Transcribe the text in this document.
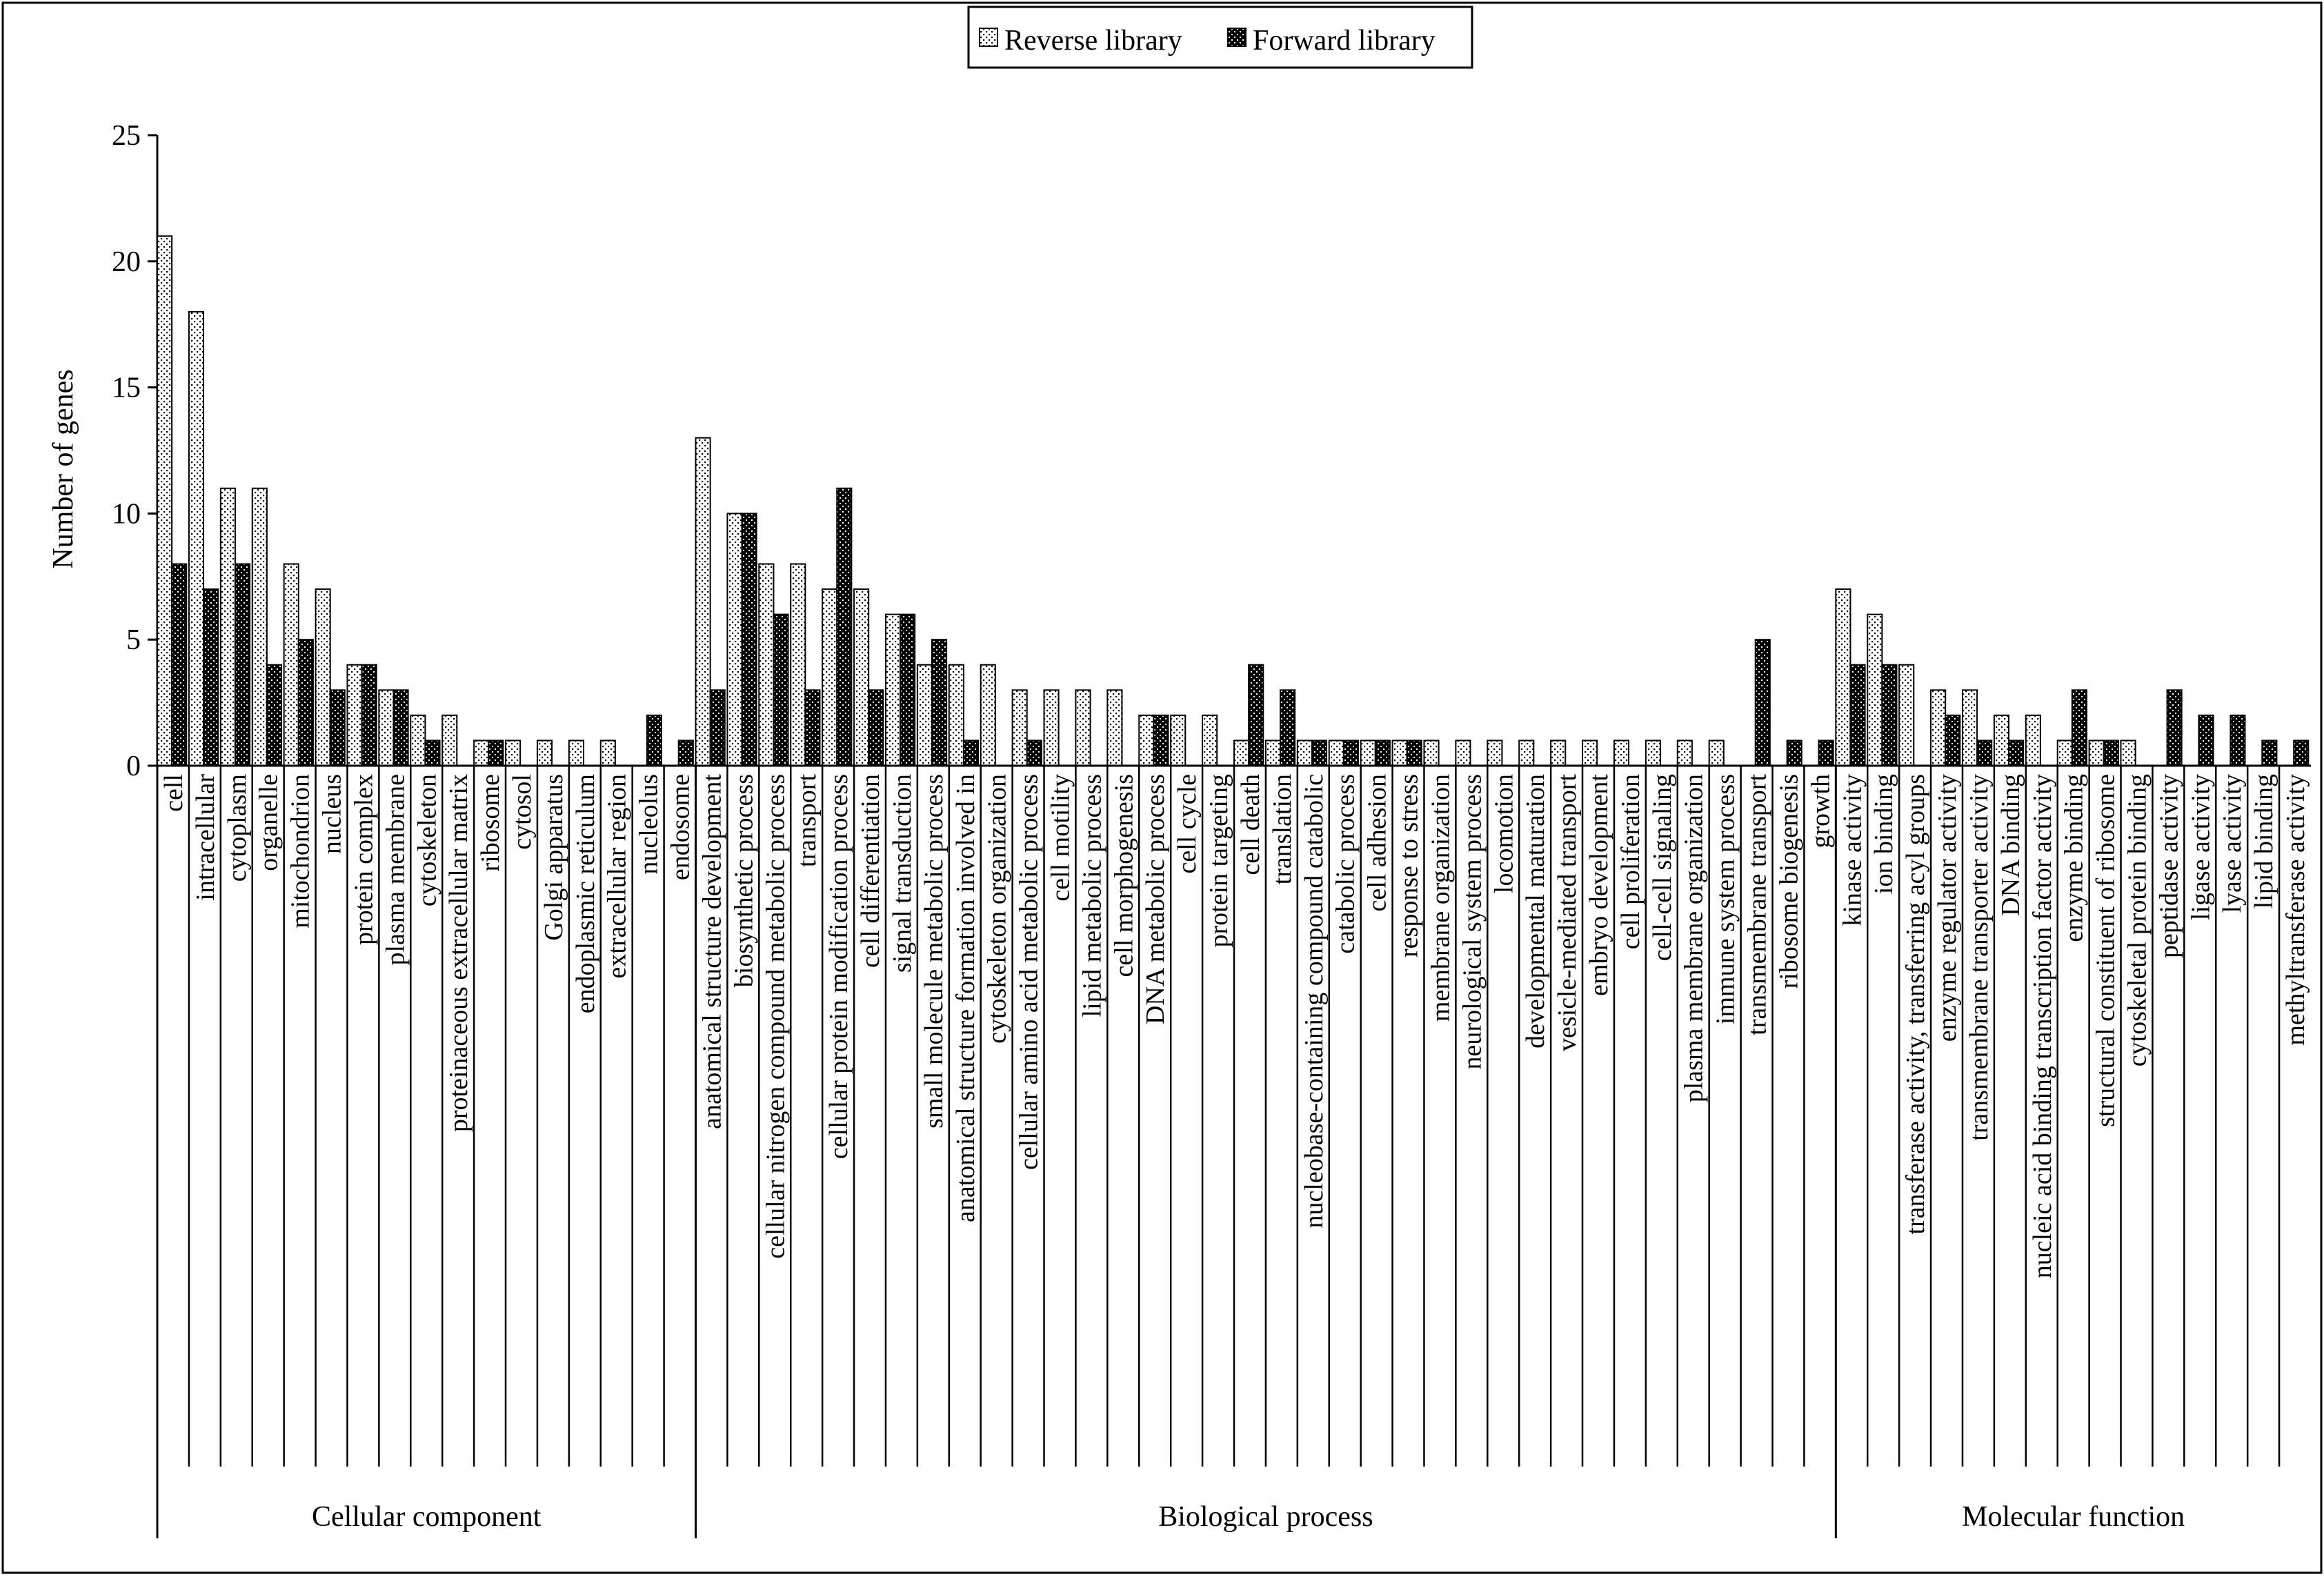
Reverse library Forward library
Number of genes
0
5
10
15
20
25
cell intracellular cytoplasm organelle mitochondrion nucleus protein complex plasma membrane cytoskeleton proteinaceous extracellular matrix ribosome cytosol Golgi apparatus endoplasmic reticulum extracellular region nucleolus endosome
Cellular component
anatomical structure development biosynthetic process cellular nitrogen compound metabolic process transport cellular protein modification process cell differentiation signal transduction small molecule metabolic process anatomical structure formation involved in cytoskeleton organization cellular amino acid metabolic process cell motility lipid metabolic process cell morphogenesis DNA metabolic process cell cycle protein targeting cell death translation nucleobase-containing compound catabolic catabolic process cell adhesion response to stress membrane organization neurological system process locomotion developmental maturation vesicle-mediated transport embryo development cell proliferation cell-cell signaling plasma membrane organization immune system process transmembrane transport ribosome biogenesis growth
Biological process
kinase activity ion binding transferase activity, transferring acyl groups enzyme regulator activity transmembrane transporter activity DNA binding nucleic acid binding transcription factor activity enzyme binding structural constituent of ribosome cytoskeletal protein binding peptidase activity ligase activity lyase activity lipid binding methyltransferase activity
Molecular function
